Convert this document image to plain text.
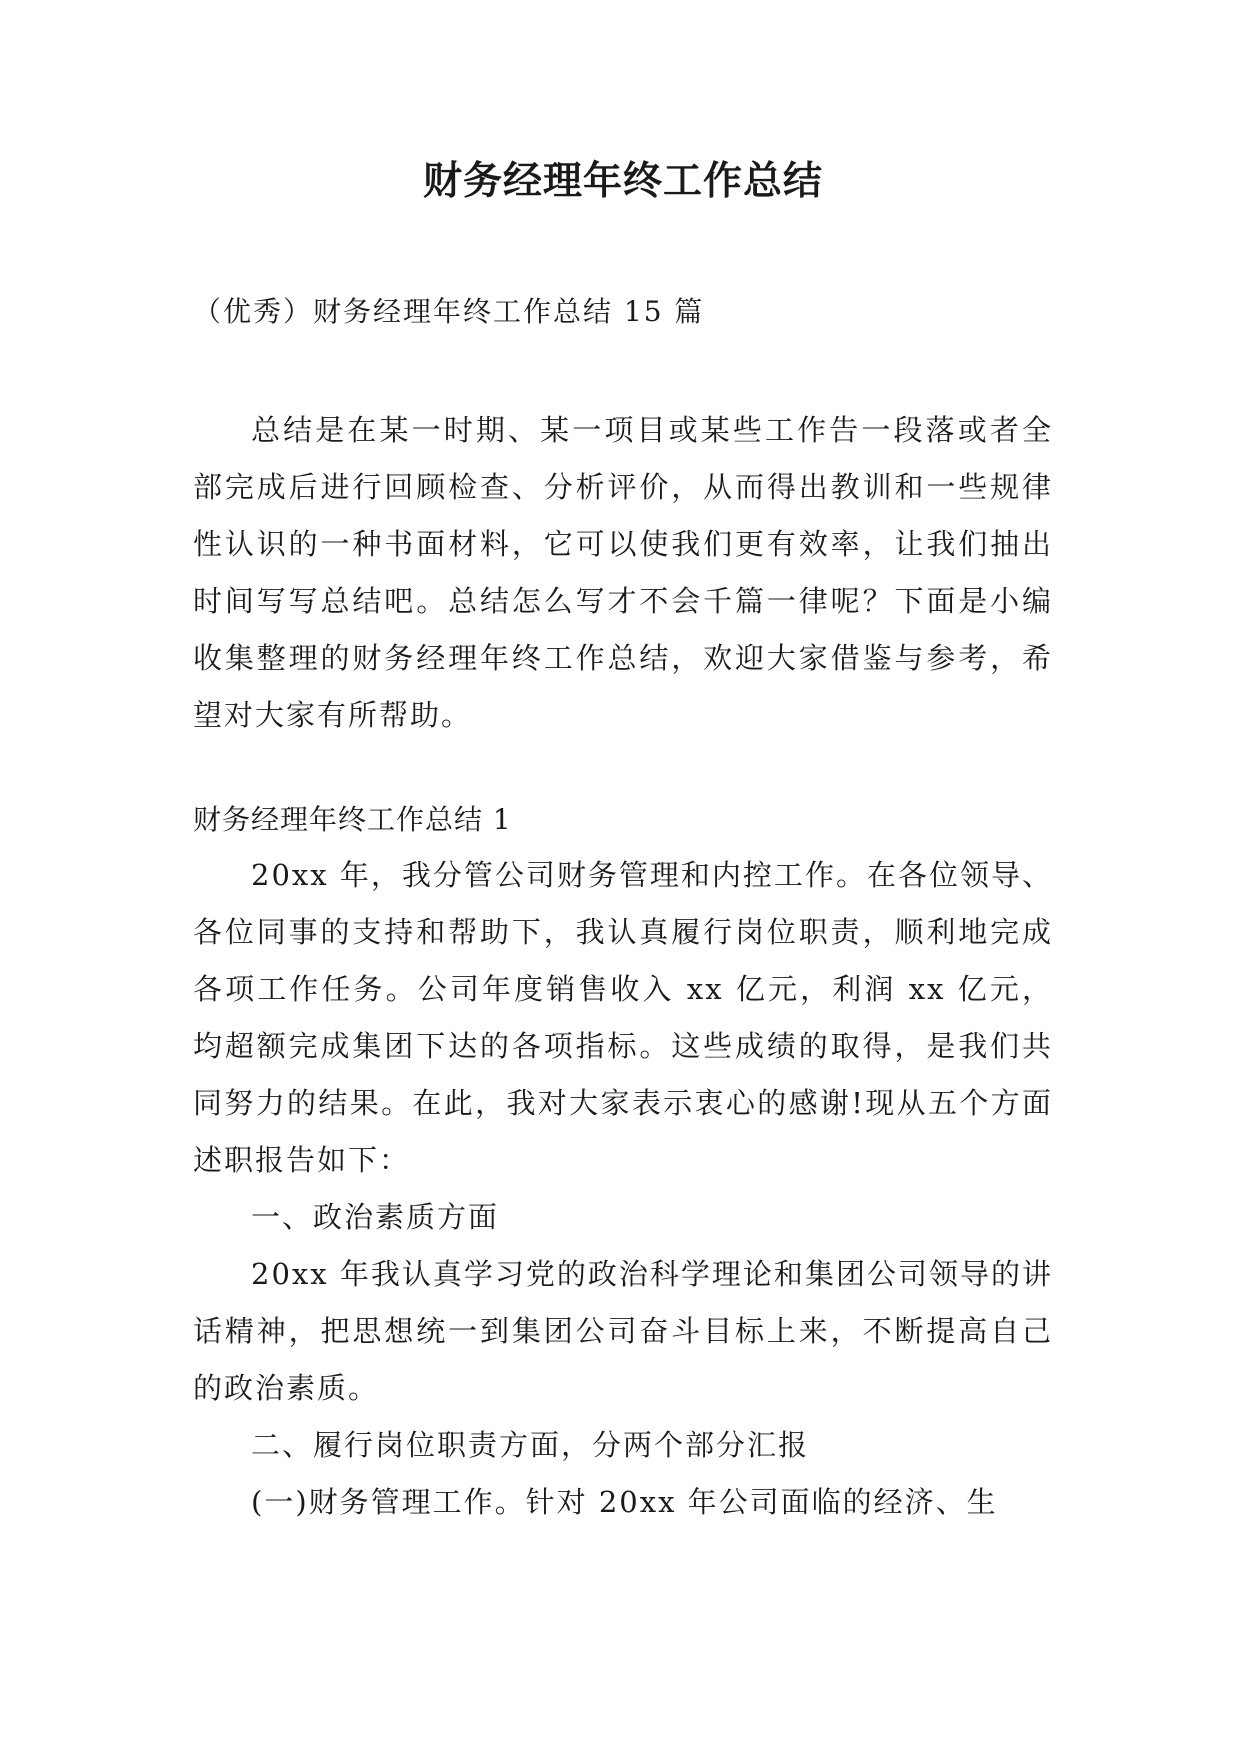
财务经理年终工作总结
（优秀）财务经理年终工作总结 15 篇

总结是在某一时期、某一项目或某些工作告一段落或者全部完成后进行回顾检查、分析评价，从而得出教训和一些规律性认识的一种书面材料，它可以使我们更有效率，让我们抽出时间写写总结吧。总结怎么写才不会千篇一律呢？下面是小编收集整理的财务经理年终工作总结，欢迎大家借鉴与参考，希望对大家有所帮助。

财务经理年终工作总结 1

20xx 年，我分管公司财务管理和内控工作。在各位领导、各位同事的支持和帮助下，我认真履行岗位职责，顺利地完成各项工作任务。公司年度销售收入 xx 亿元，利润 xx 亿元，均超额完成集团下达的各项指标。这些成绩的取得，是我们共同努力的结果。在此，我对大家表示衷心的感谢!现从五个方面述职报告如下：

一、政治素质方面

20xx 年我认真学习党的政治科学理论和集团公司领导的讲话精神，把思想统一到集团公司奋斗目标上来，不断提高自己的政治素质。

二、履行岗位职责方面，分两个部分汇报

(一)财务管理工作。针对 20xx 年公司面临的经济、生
